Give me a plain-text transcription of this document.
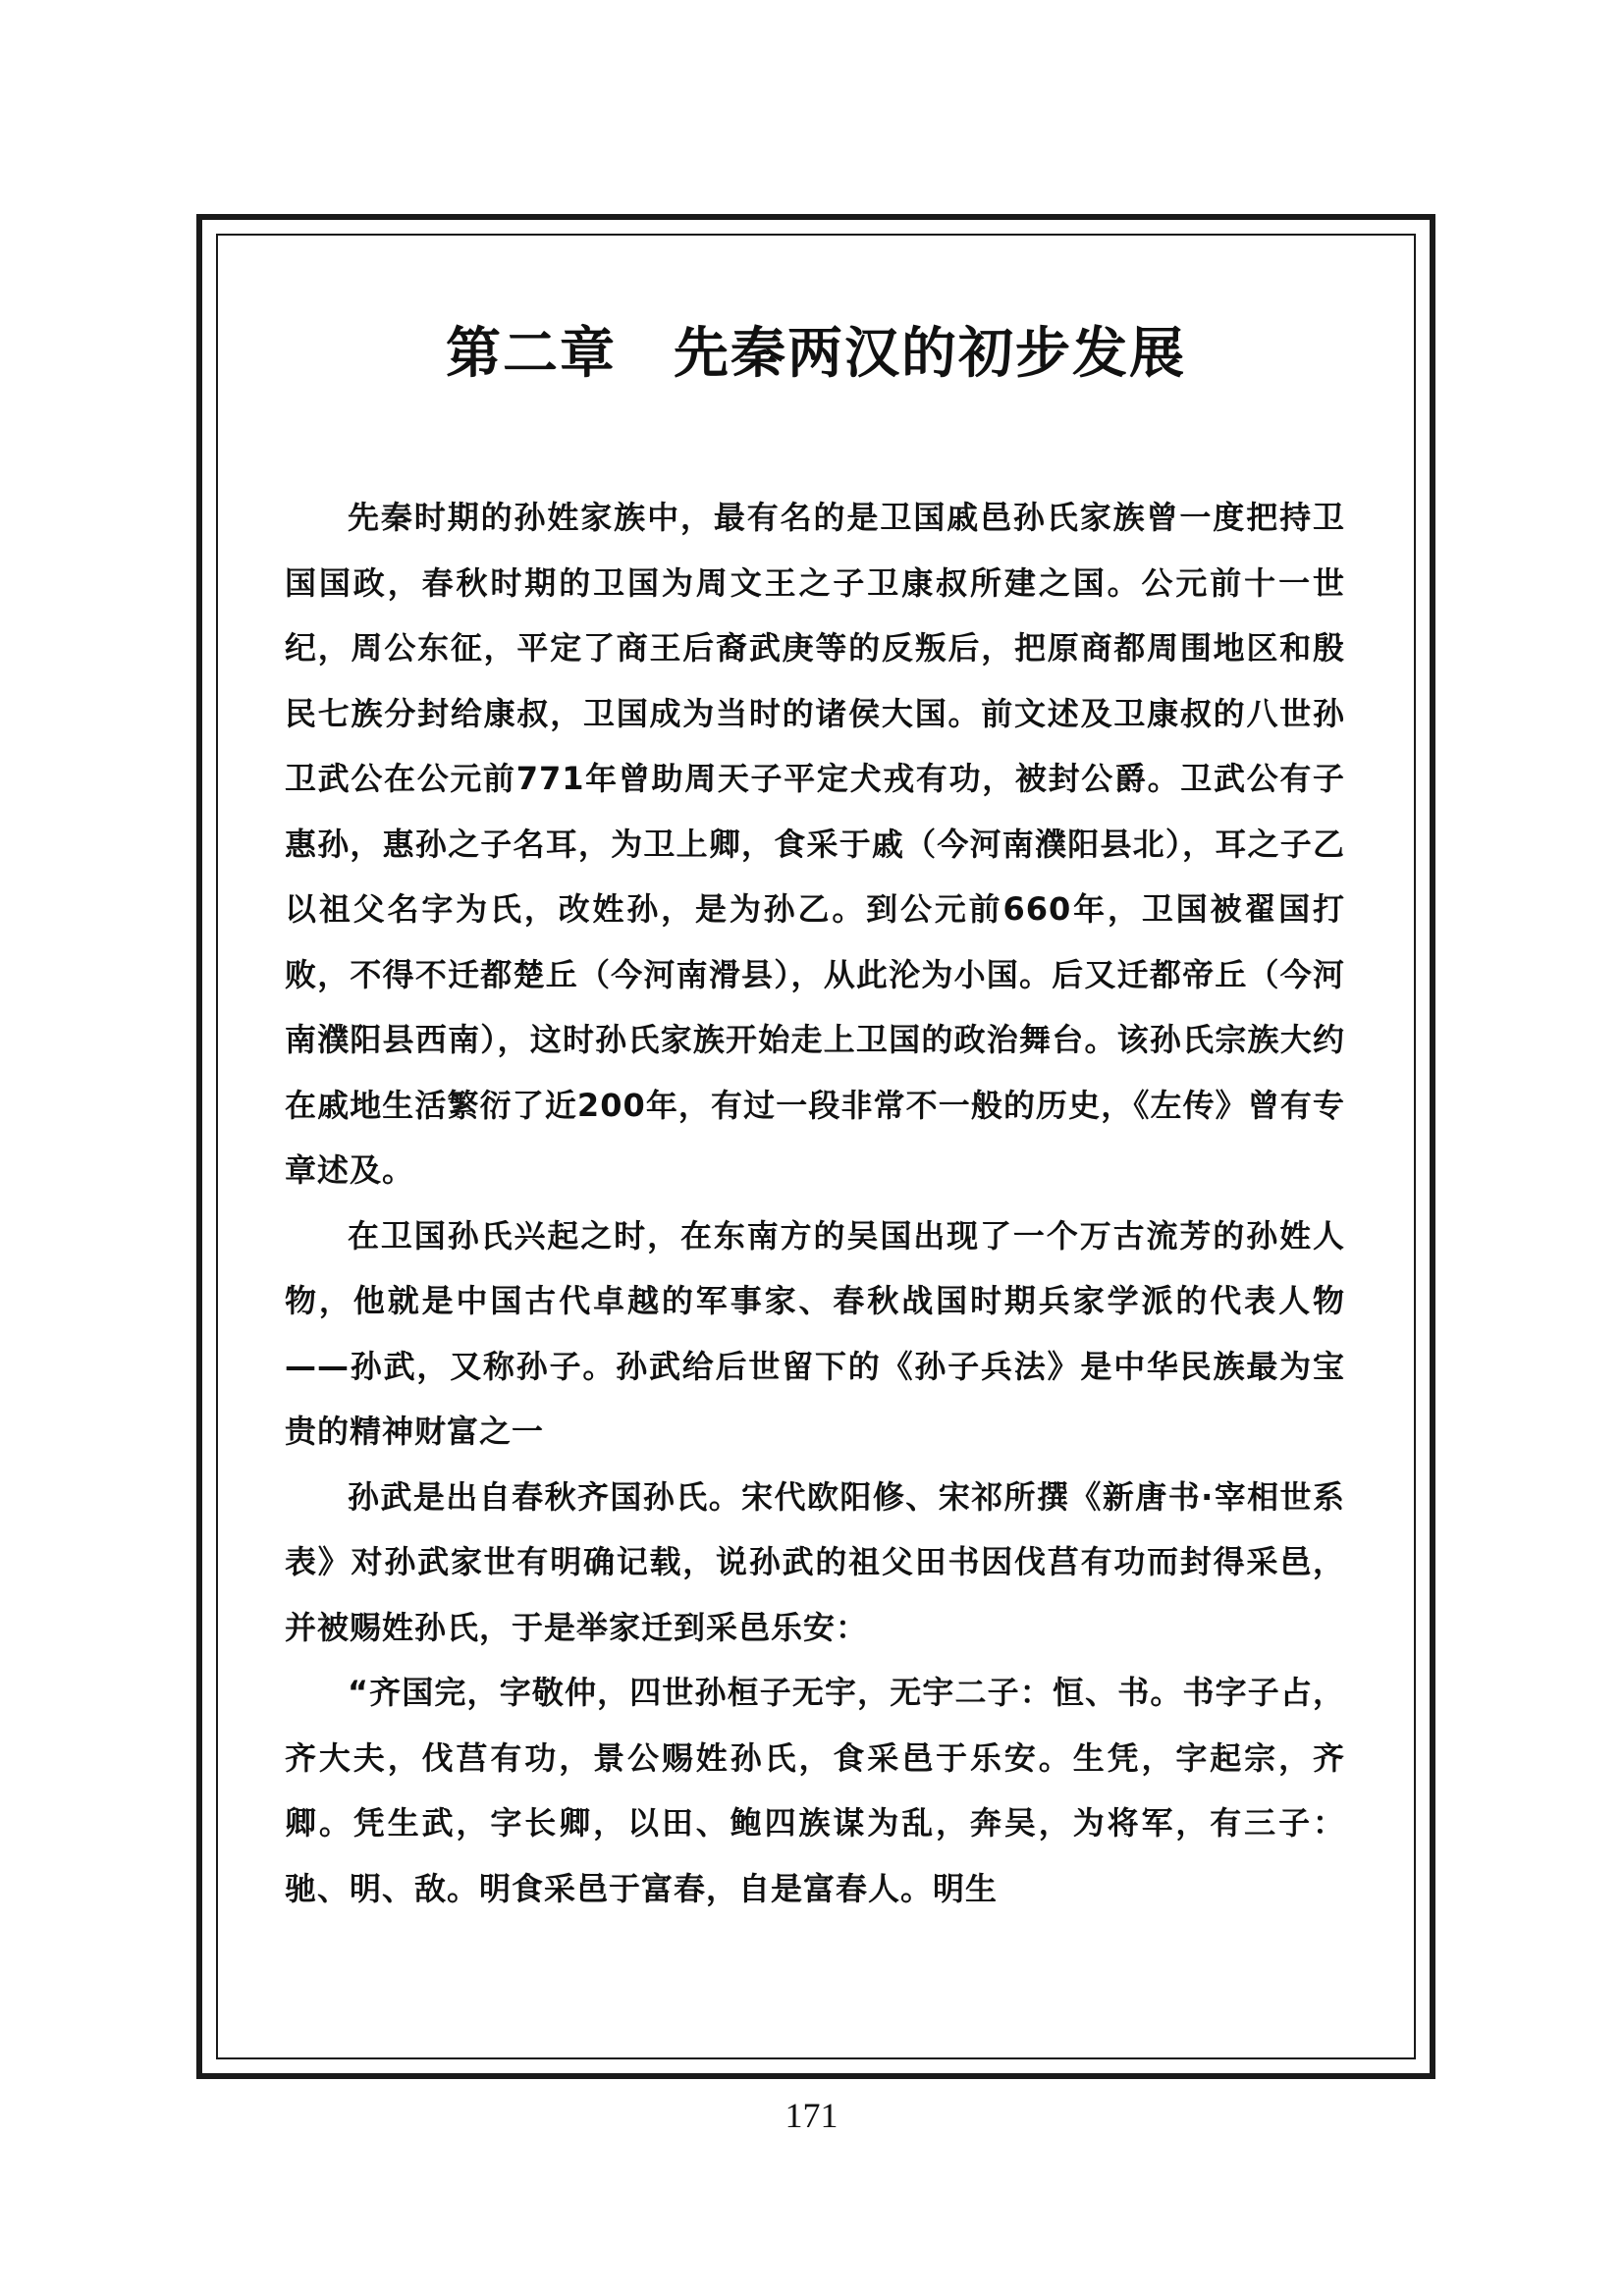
第二章　先秦两汉的初步发展

先秦时期的孙姓家族中，最有名的是卫国戚邑孙氏家族曾一度把持卫国国政，春秋时期的卫国为周文王之子卫康叔所建之国。公元前十一世纪，周公东征，平定了商王后裔武庚等的反叛后，把原商都周围地区和殷民七族分封给康叔，卫国成为当时的诸侯大国。前文述及卫康叔的八世孙卫武公在公元前771年曾助周天子平定犬戎有功，被封公爵。卫武公有子惠孙，惠孙之子名耳，为卫上卿，食采于戚（今河南濮阳县北），耳之子乙以祖父名字为氏，改姓孙，是为孙乙。到公元前660年，卫国被翟国打败，不得不迁都楚丘（今河南滑县），从此沦为小国。后又迁都帝丘（今河南濮阳县西南），这时孙氏家族开始走上卫国的政治舞台。该孙氏宗族大约在戚地生活繁衍了近200年，有过一段非常不一般的历史，《左传》曾有专章述及。

在卫国孙氏兴起之时，在东南方的吴国出现了一个万古流芳的孙姓人物，他就是中国古代卓越的军事家、春秋战国时期兵家学派的代表人物——孙武，又称孙子。孙武给后世留下的《孙子兵法》是中华民族最为宝贵的精神财富之一

孙武是出自春秋齐国孙氏。宋代欧阳修、宋祁所撰《新唐书·宰相世系表》对孙武家世有明确记载，说孙武的祖父田书因伐莒有功而封得采邑，并被赐姓孙氏，于是举家迁到采邑乐安：

“齐国完，字敬仲，四世孙桓子无宇，无宇二子：恒、书。书字子占，齐大夫，伐莒有功，景公赐姓孙氏，食采邑于乐安。生凭，字起宗，齐卿。凭生武，字长卿，以田、鲍四族谋为乱，奔吴，为将军，有三子：驰、明、敌。明食采邑于富春，自是富春人。明生

171
